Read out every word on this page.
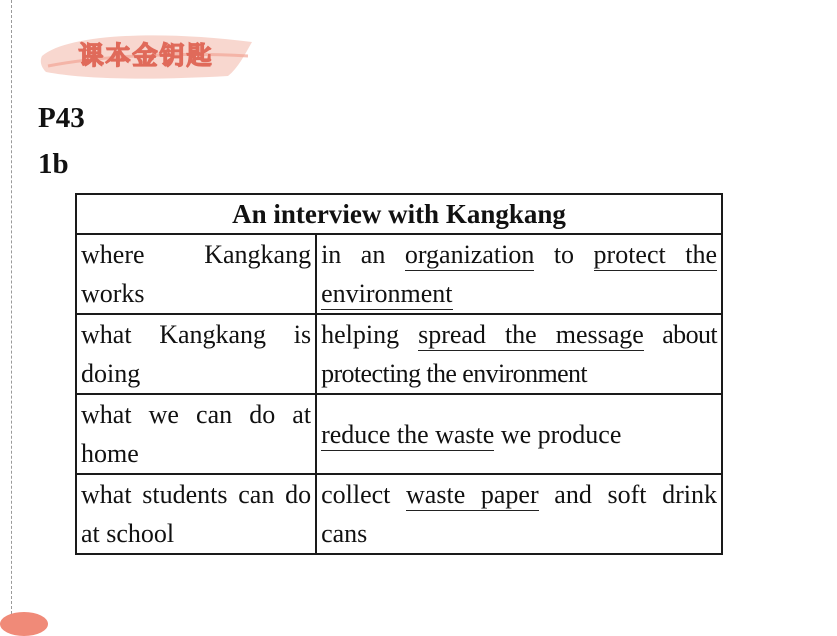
课本金钥匙
P43
1b
An interview with Kangkang	
where Kangkang works	in an organization to protect the environment
what Kangkang is doing	helping spread the message about protecting the environment
what we can do at home	reduce the waste we produce
what students can do at school	collect waste paper and soft drink cans
